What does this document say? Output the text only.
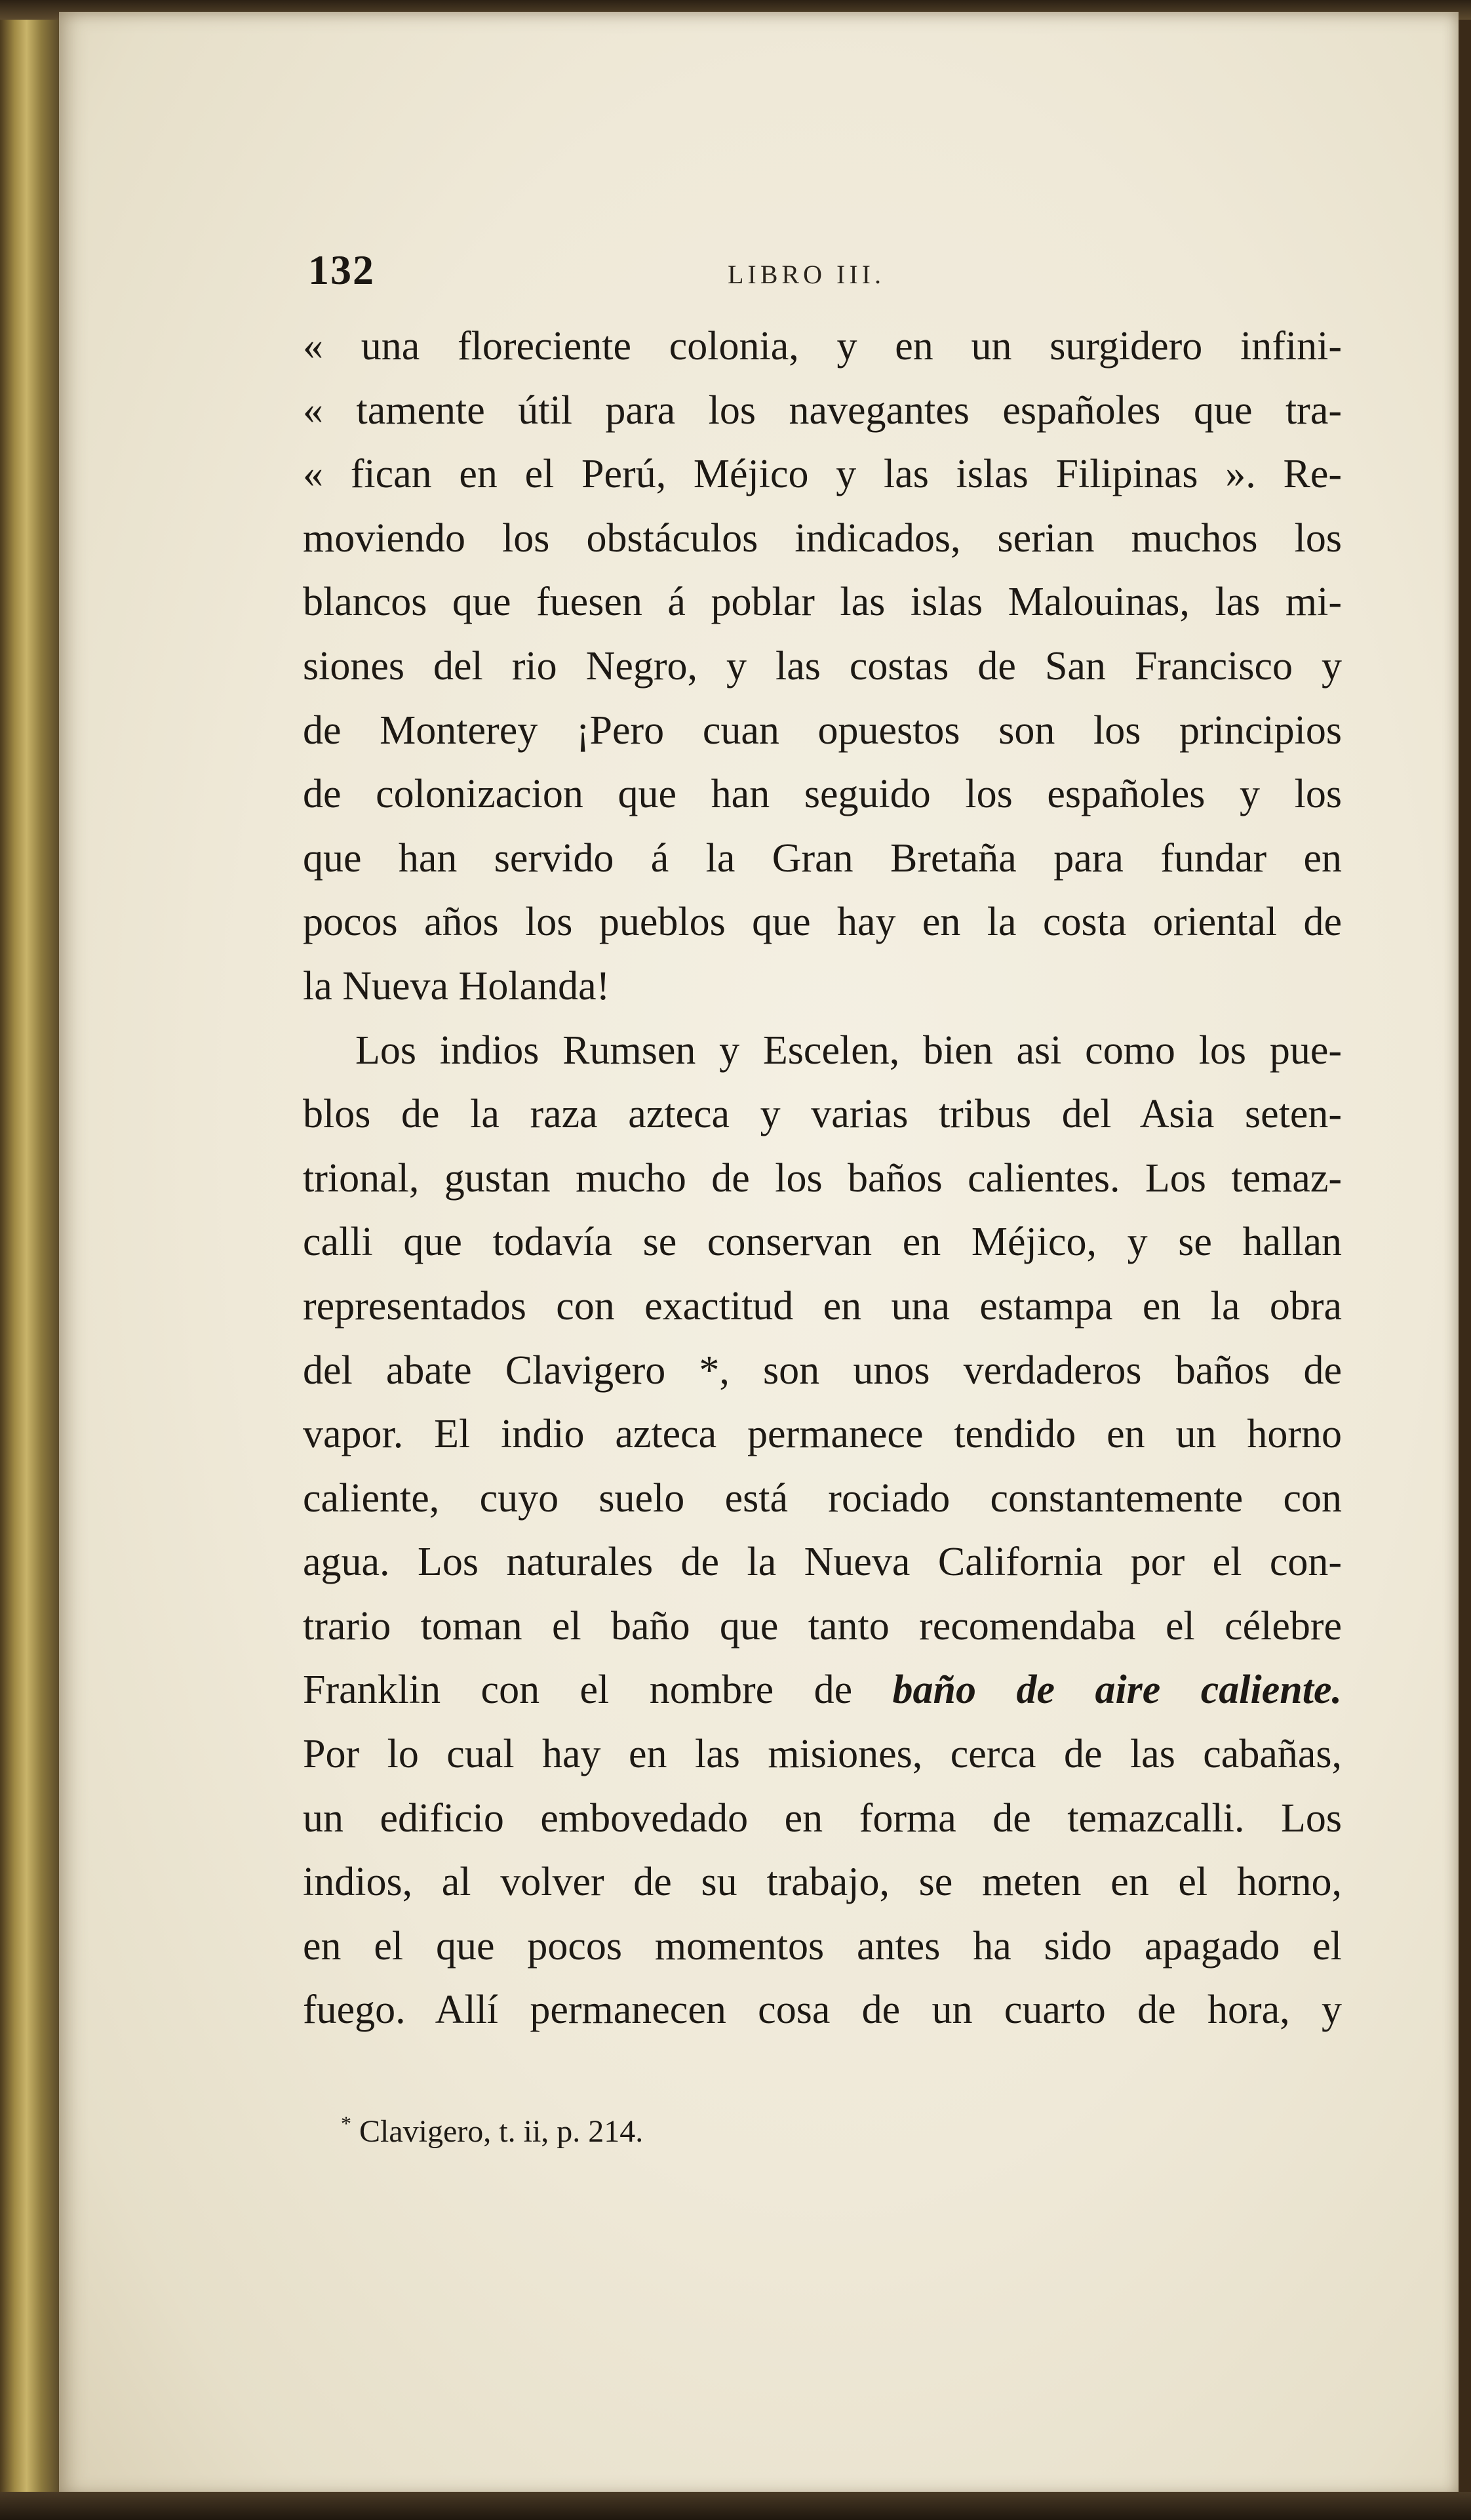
132	LIBRO III.
« una floreciente colonia, y en un surgidero infini-
« tamente útil para los navegantes españoles que tra-
« fican en el Perú, Méjico y las islas Filipinas ». Re-
moviendo los obstáculos indicados, serian muchos los
blancos que fuesen á poblar las islas Malouinas, las mi-
siones del rio Negro, y las costas de San Francisco y
de Monterey ¡Pero cuan opuestos son los principios
de colonizacion que han seguido los españoles y los
que han servido á la Gran Bretaña para fundar en
pocos años los pueblos que hay en la costa oriental de
la Nueva Holanda!
Los indios Rumsen y Escelen, bien asi como los pue-
blos de la raza azteca y varias tribus del Asia seten-
trional, gustan mucho de los baños calientes. Los temaz-
calli que todavía se conservan en Méjico, y se hallan
representados con exactitud en una estampa en la obra
del abate Clavigero *, son unos verdaderos baños de
vapor. El indio azteca permanece tendido en un horno
caliente, cuyo suelo está rociado constantemente con
agua. Los naturales de la Nueva California por el con-
trario toman el baño que tanto recomendaba el célebre
Franklin con el nombre de baño de aire caliente.
Por lo cual hay en las misiones, cerca de las cabañas,
un edificio embovedado en forma de temazcalli. Los
indios, al volver de su trabajo, se meten en el horno,
en el que pocos momentos antes ha sido apagado el
fuego. Allí permanecen cosa de un cuarto de hora, y
* Clavigero, t. ii, p. 214.
